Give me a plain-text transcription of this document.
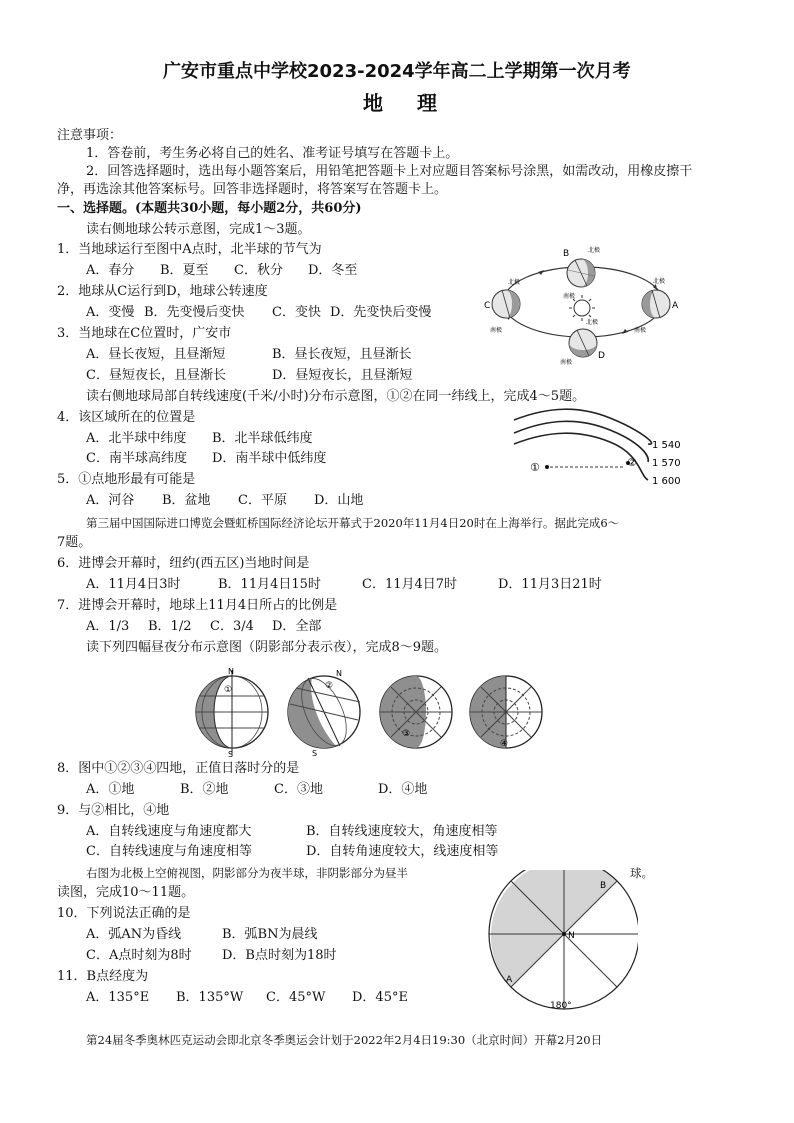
广安市重点中学校2023-2024学年高二上学期第一次月考
地理
注意事项：
1．答卷前，考生务必将自己的姓名、准考证号填写在答题卡上。
2．回答选择题时，选出每小题答案后，用铅笔把答题卡上对应题目答案标号涂黑，如需改动，用橡皮擦干
净，再选涂其他答案标号。回答非选择题时，将答案写在答题卡上。
一、选择题。(本题共30小题，每小题2分，共60分)
读右侧地球公转示意图，完成1～3题。
1．当地球运行至图中A点时，北半球的节气为
A．春分 B．夏至 C．秋分 D．冬至
2．地球从C运行到D，地球公转速度
A．变慢 B．先变慢后变快 C．变快 D．先变快后变慢
3．当地球在C位置时，广安市
A．昼长夜短，且昼渐短	B．昼长夜短，且昼渐长
C．昼短夜长，且昼渐长	D．昼短夜长，且昼渐短
B	北极
南极
C
北极
南极
A
北极
南极
D
北极
南极
读右侧地球局部自转线速度(千米/小时)分布示意图，①②在同一纬线上，完成4～5题。
4．该区域所在的位置是
A．北半球中纬度 B．北半球低纬度
C．南半球高纬度 D．南半球中低纬度
5．①点地形最有可能是
A．河谷 B．盆地 C．平原 D．山地
①	②
1 540
1 570
1 600
第三届中国国际进口博览会暨虹桥国际经济论坛开幕式于2020年11月4日20时在上海举行。据此完成6～
7题。
6．进博会开幕时，纽约(西五区)当地时间是
A．11月4日3时	B．11月4日15时	C．11月4日7时	D．11月3日21时
7．进博会开幕时，地球上11月4日所占的比例是
A．1/3 B．1/2 C．3/4 D．全部
读下列四幅昼夜分布示意图（阴影部分表示夜），完成8～9题。
N
S
①
N
S
②
③
④
8．图中①②③④四地，正值日落时分的是
A．①地	B．②地	C．③地	D．④地
9．与②相比，④地
A．自转线速度与角速度都大	B．自转线速度较大，角速度相等
C．自转线速度与角速度相等	D．自转角速度较大，线速度相等
右图为北极上空俯视图，阴影部分为夜半球，非阴影部分为昼半	球。
读图，完成10～11题。
10．下列说法正确的是
A．弧AN为昏线	B．弧BN为晨线
C．A点时刻为8时 D．B点时刻为18时
11．B点经度为
A．135°E B．135°W C．45°W D．45°E
N
B
A
180°
第24届冬季奥林匹克运动会即北京冬季奥运会计划于2022年2月4日19:30（北京时间）开幕2月20日
